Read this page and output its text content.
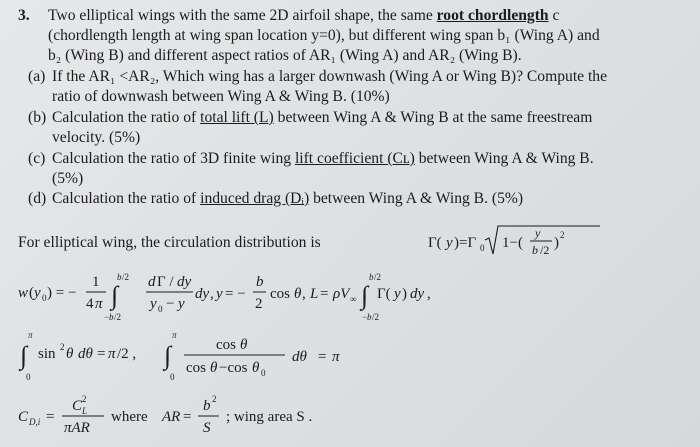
3. Two elliptical wings with the same 2D airfoil shape, the same root chordlength c
(chordlength length at wing span location y=0), but different wing span b₁ (Wing A) and
b₂ (Wing B) and different aspect ratios of AR₁ (Wing A) and AR₂ (Wing B).
(a) If the AR₁ <AR₂, Which wing has a larger downwash (Wing A or Wing B)? Compute the
ratio of downwash between Wing A & Wing B. (10%)
(b) Calculation the ratio of total lift (L) between Wing A & Wing B at the same freestream
velocity. (5%)
(c) Calculation the ratio of 3D finite wing lift coefficient (Cʟ) between Wing A & Wing B.
(5%)
(d) Calculation the ratio of induced drag (Dᵢ) between Wing A & Wing B. (5%)
For elliptical wing, the circulation distribution is	Γ( y )=Γ 0 1−(
y
b /2 ) 2
w ( y 0 ) = −
1
4 π ∫
b /2
− b /2
d Γ / dy
y 0 − y
dy , y = −
b
2
cos θ , L = ρV ∞ ∫
b /2
− b /2
Γ( y ) dy ,
∫
π
0
sin 2 θ dθ = π /2 , ∫
π
0
cos θ
cos θ −cos θ 0
dθ = π
C D,i =
C 2
L
πAR
where AR =
b 2
S
; wing area S .
